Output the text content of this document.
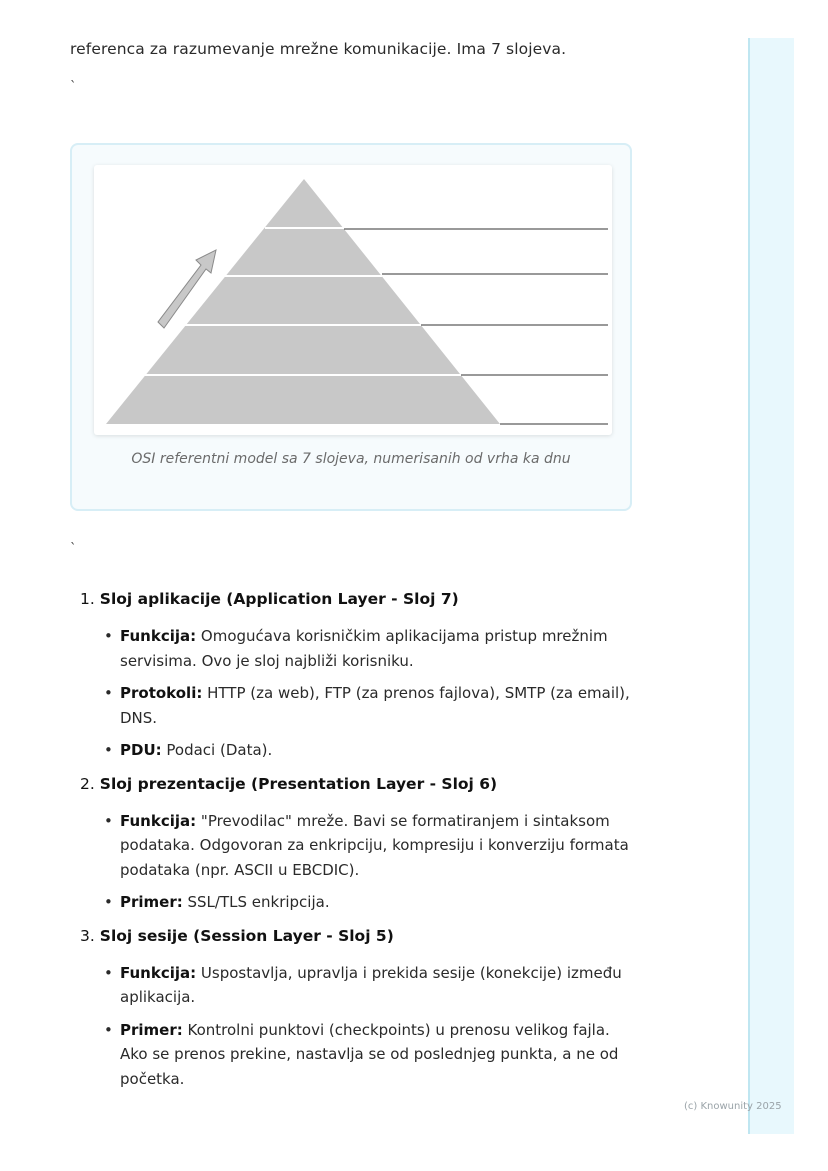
referenca za razumevanje mrežne komunikacije. Ima 7 slojeva.
`
OSI referentni model sa 7 slojeva, numerisanih od vrha ka dnu
`
1. Sloj aplikacije (Application Layer - Sloj 7)
• Funkcija: Omogućava korisničkim aplikacijama pristup mrežnim servisima. Ovo je sloj najbliži korisniku.
• Protokoli: HTTP (za web), FTP (za prenos fajlova), SMTP (za email), DNS.
• PDU: Podaci (Data).
2. Sloj prezentacije (Presentation Layer - Sloj 6)
• Funkcija: "Prevodilac" mreže. Bavi se formatiranjem i sintaksom podataka. Odgovoran za enkripciju, kompresiju i konverziju formata podataka (npr. ASCII u EBCDIC).
• Primer: SSL/TLS enkripcija.
3. Sloj sesije (Session Layer - Sloj 5)
• Funkcija: Uspostavlja, upravlja i prekida sesije (konekcije) između aplikacija.
• Primer: Kontrolni punktovi (checkpoints) u prenosu velikog fajla. Ako se prenos prekine, nastavlja se od poslednjeg punkta, a ne od početka.
(c) Knowunity 2025
